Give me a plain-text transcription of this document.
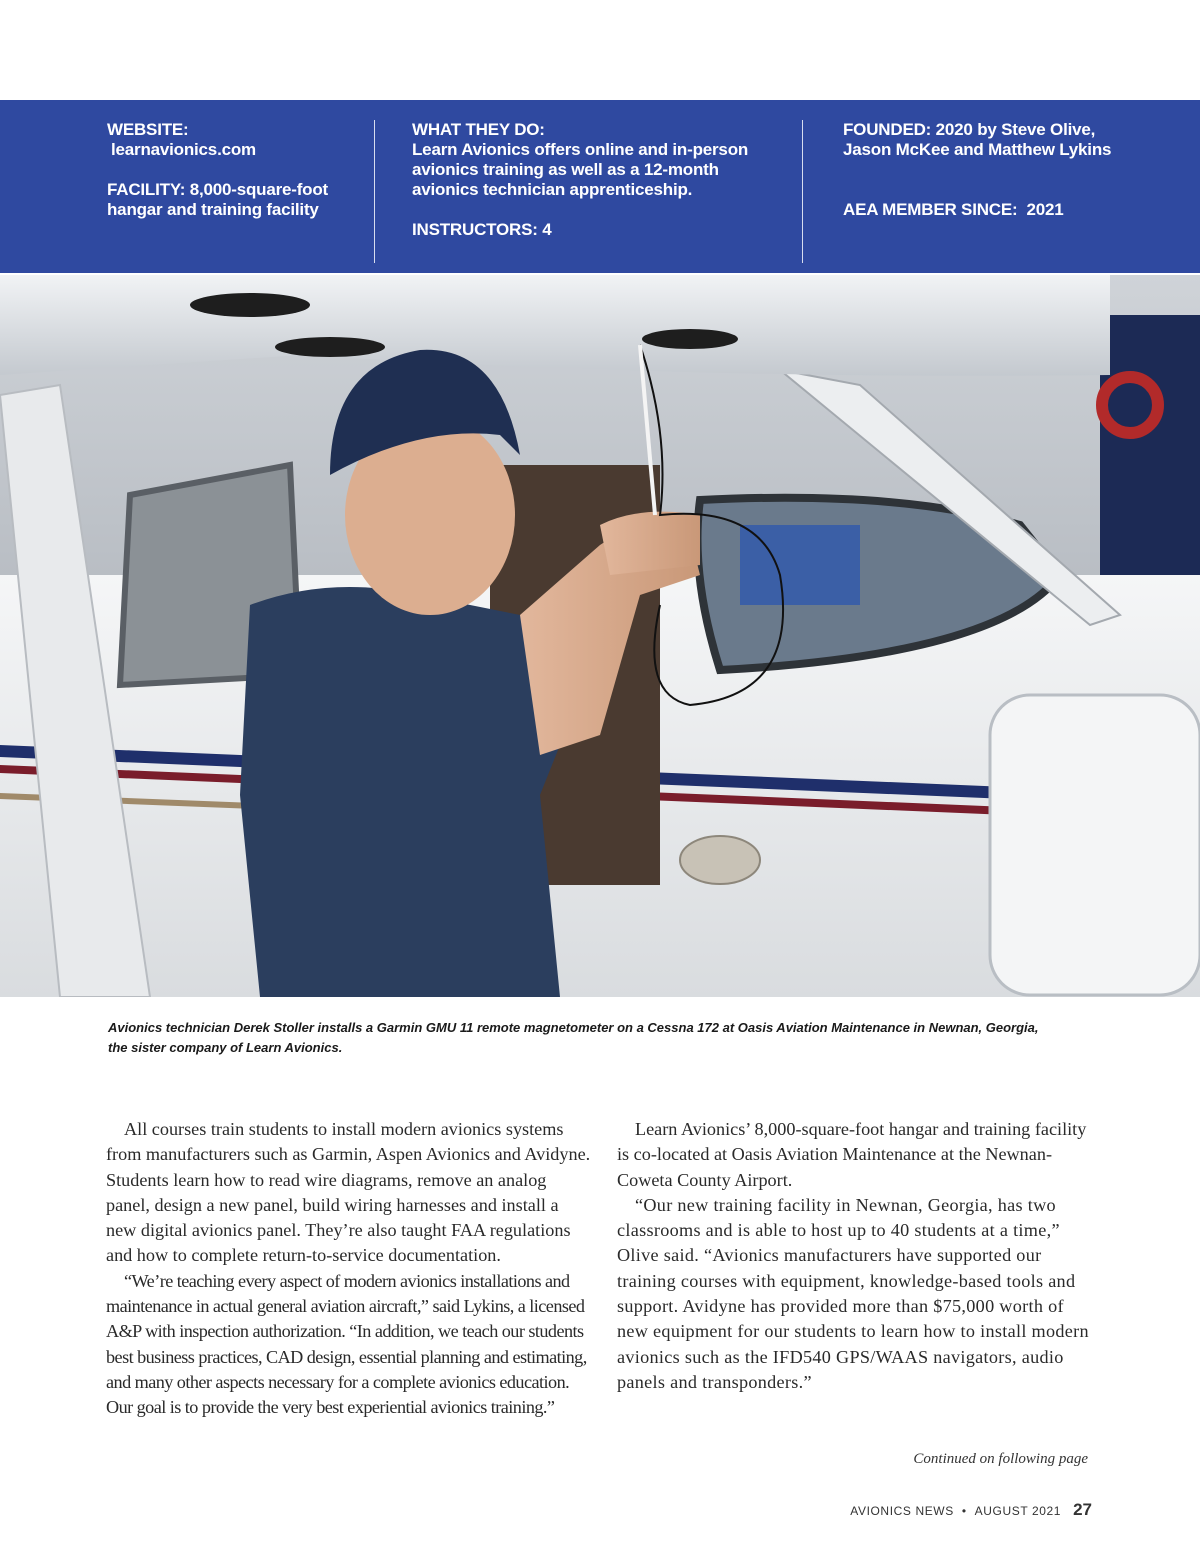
WEBSITE:

learnavionics.com

FACILITY: 8,000-square-foot

hangar and training facility

WHAT THEY DO:

Learn Avionics offers online and in-person

avionics training as well as a 12-month

avionics technician apprenticeship.

INSTRUCTORS: 4

FOUNDED: 2020 by Steve Olive,

Jason McKee and Matthew Lykins

AEA MEMBER SINCE: 2021

Avionics technician Derek Stoller installs a Garmin GMU 11 remote magnetometer on a Cessna 172 at Oasis Aviation Maintenance in Newnan, Georgia,
the sister company of Learn Avionics.

All courses train students to install modern avionics systems from manufacturers such as Garmin, Aspen Avionics and Avidyne. Students learn how to read wire diagrams, remove an analog panel, design a new panel, build wiring harnesses and install a new digital avionics panel. They’re also taught FAA regulations and how to complete return-to-service documentation.

“We’re teaching every aspect of modern avionics installations and maintenance in actual general aviation aircraft,” said Lykins, a licensed A&P with inspection authorization. “In addition, we teach our students best business practices, CAD design, essential planning and estimating, and many other aspects necessary for a complete avionics education. Our goal is to provide the very best experiential avionics training.”

Learn Avionics’ 8,000-square-foot hangar and training facility is co-located at Oasis Aviation Maintenance at the Newnan-Coweta County Airport.

“Our new training facility in Newnan, Georgia, has two classrooms and is able to host up to 40 students at a time,” Olive said. “Avionics manufacturers have supported our training courses with equipment, knowledge-based tools and support. Avidyne has provided more than $75,000 worth of new equipment for our students to learn how to install modern avionics such as the IFD540 GPS/WAAS navigators, audio panels and transponders.”

Continued on following page
AVIONICS NEWS • AUGUST 2021 27
